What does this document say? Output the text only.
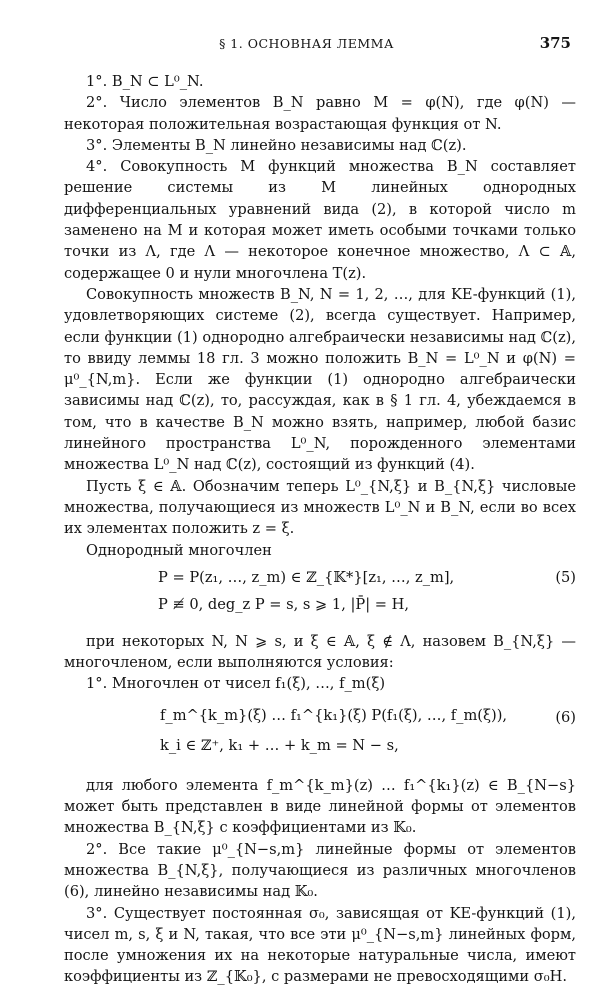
§ 1. ОСНОВНАЯ ЛЕММА	375

1°. B_N ⊂ L⁰_N.

2°. Число элементов B_N равно M = φ(N), где φ(N) — некоторая положительная возрастающая функция от N.

3°. Элементы B_N линейно независимы над ℂ(z).

4°. Совокупность M функций множества B_N составляет решение системы из M линейных однородных дифференциальных уравнений вида (2), в которой число m заменено на M и которая может иметь особыми точками только точки из Λ, где Λ — некоторое конечное множество, Λ ⊂ 𝔸, содержащее 0 и нули многочлена T(z).

Совокупность множеств B_N, N = 1, 2, …, для KE-функций (1), удовлетворяющих системе (2), всегда существует. Например, если функции (1) однородно алгебраически независимы над ℂ(z), то ввиду леммы 18 гл. 3 можно положить B_N = L⁰_N и φ(N) = μ⁰_{N,m}. Если же функции (1) однородно алгебраически зависимы над ℂ(z), то, рассуждая, как в § 1 гл. 4, убеждаемся в том, что в качестве B_N можно взять, например, любой базис линейного пространства L⁰_N, порожденного элементами множества L⁰_N над ℂ(z), состоящий из функций (4).

Пусть ξ ∈ 𝔸. Обозначим теперь L⁰_{N,ξ} и B_{N,ξ} числовые множества, получающиеся из множеств L⁰_N и B_N, если во всех их элементах положить z = ξ.

Однородный многочлен

P = P(z₁, …, z_m) ∈ ℤ_{𝕂*}[z₁, …, z_m],
P ≢ 0, deg_z P = s, s ⩾ 1, |P̄| = H,
(5)

при некоторых N, N ⩾ s, и ξ ∈ 𝔸, ξ ∉ Λ, назовем B_{N,ξ} — многочленом, если выполняются условия:

1°. Многочлен от чисел f₁(ξ), …, f_m(ξ)

f_m^{k_m}(ξ) … f₁^{k₁}(ξ) P(f₁(ξ), …, f_m(ξ)),
k_i ∈ ℤ⁺, k₁ + … + k_m = N − s,
(6)

для любого элемента f_m^{k_m}(z) … f₁^{k₁}(z) ∈ B_{N−s} может быть представлен в виде линейной формы от элементов множества B_{N,ξ} с коэффициентами из 𝕂₀.

2°. Все такие μ⁰_{N−s,m} линейные формы от элементов множества B_{N,ξ}, получающиеся из различных многочленов (6), линейно независимы над 𝕂₀.

3°. Существует постоянная σ₀, зависящая от KE-функций (1), чисел m, s, ξ и N, такая, что все эти μ⁰_{N−s,m} линейных форм, после умножения их на некоторые натуральные числа, имеют коэффициенты из ℤ_{𝕂₀}, с размерами не превосходящими σ₀H.
